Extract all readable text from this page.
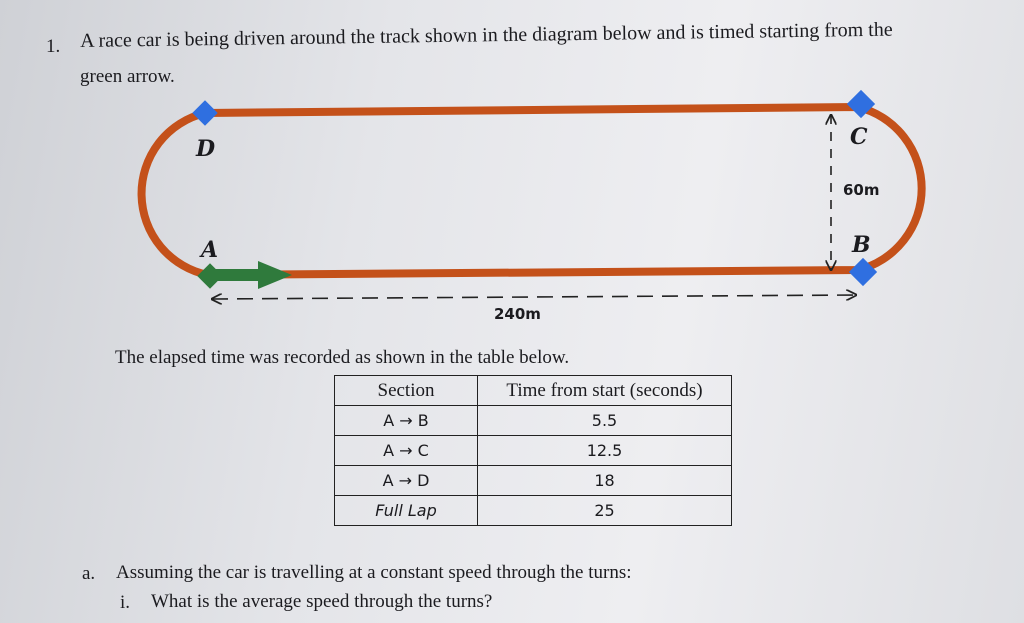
1. A race car is being driven around the track shown in the diagram below and is timed starting from the
green arrow.
D
A
C
B
60m
240m
The elapsed time was recorded as shown in the table below.
Section	Time from start (seconds)
A → B	5.5
A → C	12.5
A → D	18
Full Lap	25
a. Assuming the car is travelling at a constant speed through the turns:
i. What is the average speed through the turns?
